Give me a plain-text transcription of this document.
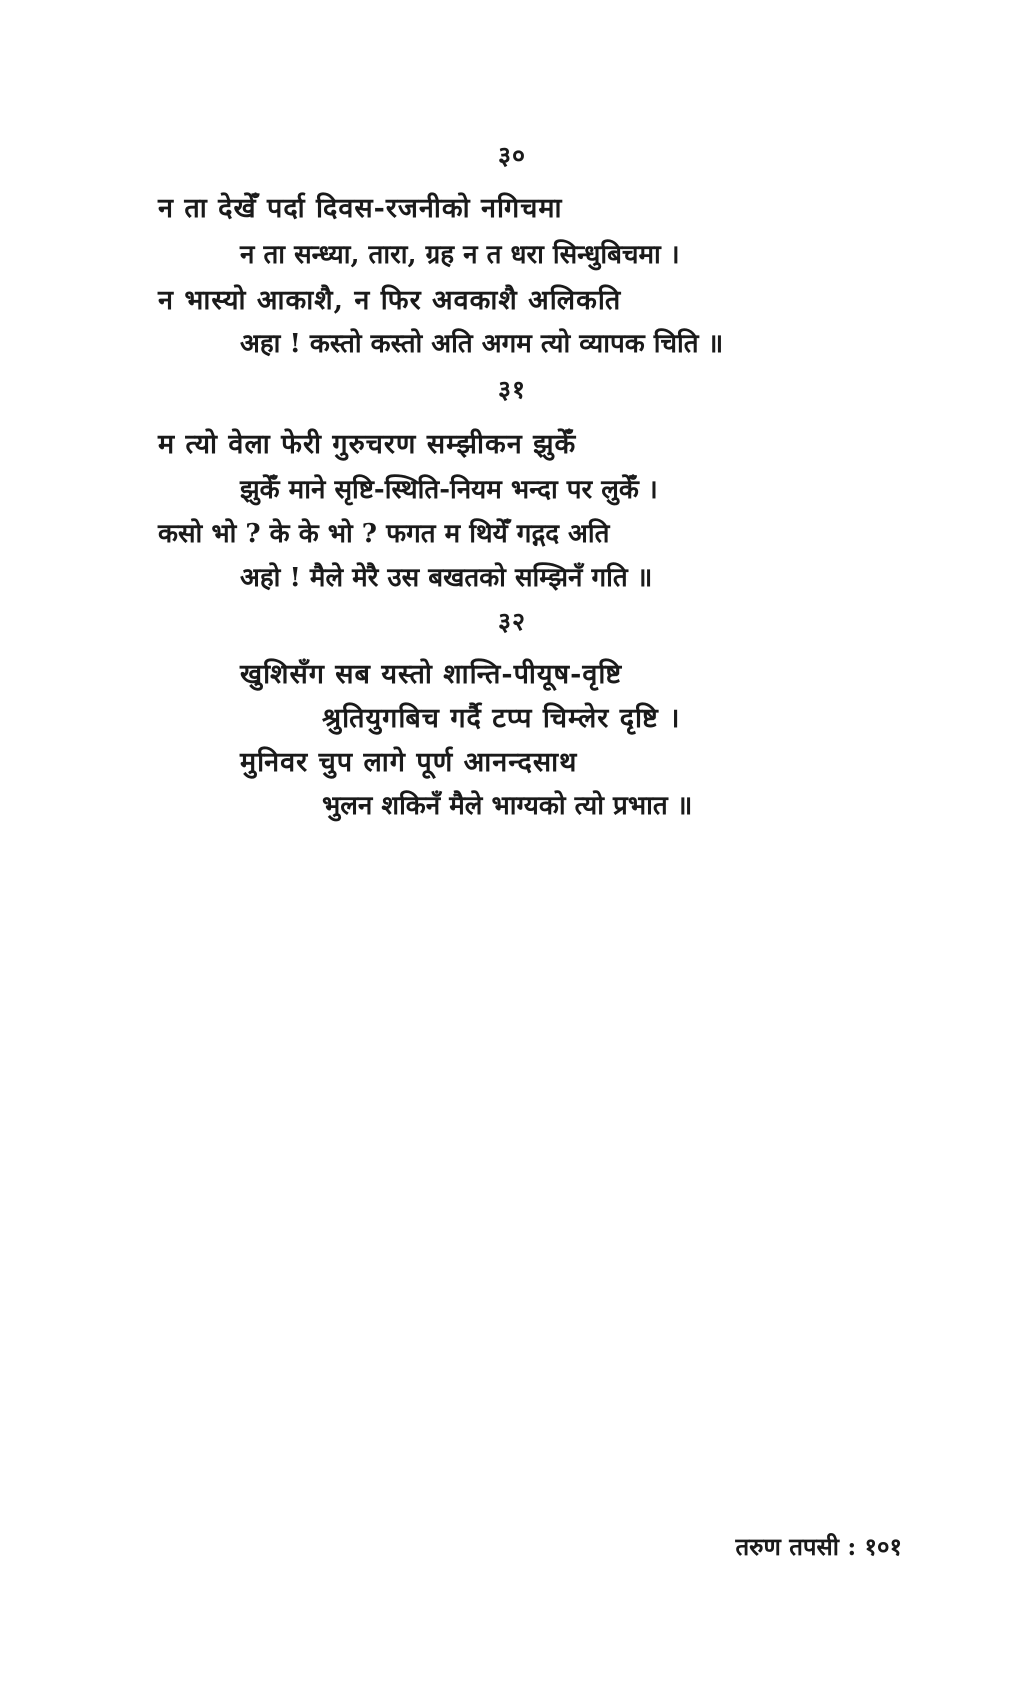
३०
न ता देखेँ पर्दा दिवस-रजनीको नगिचमा
न ता सन्ध्या, तारा, ग्रह न त धरा सिन्धुबिचमा ।
न भास्यो आकाशै, न फिर अवकाशै अलिकति
अहा ! कस्तो कस्तो अति अगम त्यो व्यापक चिति ॥
३१
म त्यो वेला फेरी गुरुचरण सम्झीकन झुकेँ
झुकेँ माने सृष्टि-स्थिति-नियम भन्दा पर लुकेँ ।
कसो भो ? के के भो ? फगत म थियेँ गद्गद अति
अहो ! मैले मेरै उस बखतको सम्झिनँ गति ॥
३२
खुशिसँग सब यस्तो शान्ति-पीयूष-वृष्टि
श्रुतियुगबिच गर्दै टप्प चिम्लेर दृष्टि ।
मुनिवर चुप लागे पूर्ण आनन्दसाथ
भुलन शकिनँ मैले भाग्यको त्यो प्रभात ॥
तरुण तपसी : १०१
